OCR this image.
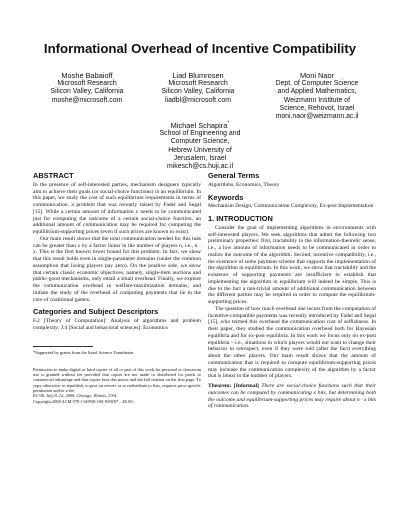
Informational Overhead of Incentive Compatibility
Moshe Babaioff
Microsoft Research
Silicon Valley, California
moshe@microsoft.com
Liad Blumrosen
Microsoft Research
Silicon Valley, California
liadbl@microsoft.com
Moni Naor
Dept. of Computer Science
and Applied Mathematics,
Weizmann Institute of
Science, Rehovot, Israel
moni.naor@weizmann.ac.il
Michael Schapira*
School of Engineering and
Computer Science,
Hebrew University of
Jerusalem, Israel
mikesch@cs.huji.ac.il
ABSTRACT

In the presence of self-interested parties, mechanism designers typically aim to achieve their goals (or social-choice functions) in an equilibrium. In this paper, we study the cost of such equilibrium requirements in terms of communication, a problem that was recently raised by Fadel and Segal [15]. While a certain amount of information x needs to be communicated just for computing the outcome of a certain social-choice function, an additional amount of communication may be required for computing the equilibrium-supporting prices (even if such prices are known to exist).

Our main result shows that the total communication needed for this task can be greater than x by a factor linear in the number of players n, i.e., n · x. This is the first known lower bound for this problem. In fact, we show that this result holds even in single-parameter domains (under the common assumption that losing players pay zero). On the positive side, we show that certain classic economic objectives, namely, single-item auctions and public-good mechanisms, only entail a small overhead. Finally, we explore the communication overhead in welfare-maximization domains, and initiate the study of the overhead of computing payments that lie in the core of coalitional games.

Categories and Subject Descriptors

F.2 [Theory of Computation]: Analysis of algorithms and problem complexity; J.4 [Social and behavioral sciences]: Economics

*Supported by grants from the Israel Science Foundation.

Permission to make digital or hard copies of all or part of this work for personal or classroom use is granted without fee provided that copies are not made or distributed for profit or commercial advantage and that copies bear this notice and the full citation on the first page. To copy otherwise, to republish, to post on servers or to redistribute to lists, requires prior specific permission and/or a fee.

EC'08, July 8–12, 2008, Chicago, Illinois, USA.

Copyright 2008 ACM 978-1-60558-169-9/08/07 ...$5.00.

General Terms

Algorithms, Economics, Theory

Keywords

Mechanism Design, Communication Complexity, Ex-post Implementation

1. INTRODUCTION

Consider the goal of implementing algorithms in environments with self-interested players. We seek algorithms that admit the following two preliminary properties: first, tractability in the information-theoretic sense, i.e., a low amount of information needs to be communicated in order to realize the outcome of the algorithm. Second, incentive compatibility, i.e., the existence of some payment scheme that supports the implementation of the algorithm in equilibrium. In this work, we show that tractability and the existence of supporting payments are insufficient to establish that implementing the algorithm in equilibrium will indeed be simple. This is due to the fact a non-trivial amount of additional communication between the different parties may be required in order to compute the equilibrium-supporting prices.

The question of how much overhead one incurs from the computation of incentive-compatible payments was recently introduced by Fadel and Segal [15], who termed this overhead the communication cost of selfishness. In their paper, they studied the communication overhead both for Bayesian equilibria and for ex-post equilibria. In this work we focus only on ex-post equilibria – i.e., situations in which players would not want to change their behavior in retrospect, even if they were told (after the fact) everything about the other players. Our main result shows that the amount of communication that is required to compute equilibrium-supporting prices may increase the communication complexity of the algorithm by a factor that is linear in the number of players.

Theorem: [Informal] There are social-choice functions such that their outcomes can be computed by communicating x bits, but determining both the outcome and equilibrium-supporting prices may require about n · x bits of communication.
